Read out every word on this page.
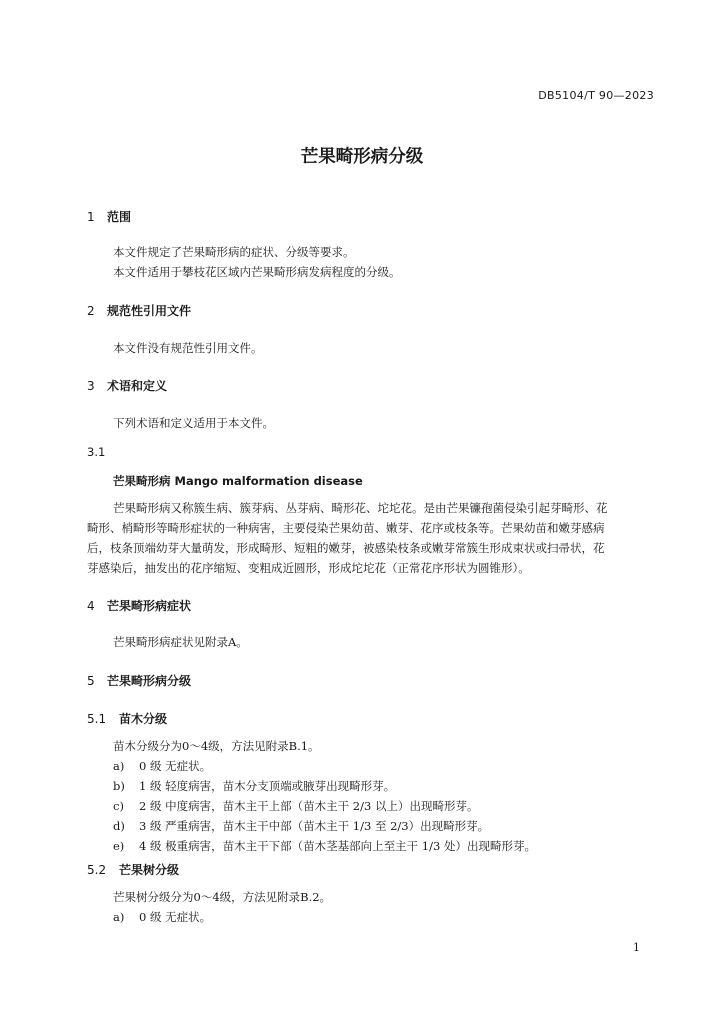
DB5104/T 90—2023
芒果畸形病分级
1 范围
本文件规定了芒果畸形病的症状、分级等要求。
本文件适用于攀枝花区域内芒果畸形病发病程度的分级。
2 规范性引用文件
本文件没有规范性引用文件。
3 术语和定义
下列术语和定义适用于本文件。
3.1
芒果畸形病 Mango malformation disease
芒果畸形病又称簇生病、簇芽病、丛芽病、畸形花、坨坨花。是由芒果镰孢菌侵染引起芽畸形、花
畸形、梢畸形等畸形症状的一种病害，主要侵染芒果幼苗、嫩芽、花序或枝条等。芒果幼苗和嫩芽感病
后，枝条顶端幼芽大量萌发，形成畸形、短粗的嫩芽，被感染枝条或嫩芽常簇生形成束状或扫帚状，花
芽感染后，抽发出的花序缩短、变粗成近圆形，形成坨坨花（正常花序形状为圆锥形）。
4 芒果畸形病症状
芒果畸形病症状见附录A。
5 芒果畸形病分级
5.1 苗木分级
苗木分级分为0～4级，方法见附录B.1。
a) 0 级 无症状。
b) 1 级 轻度病害，苗木分支顶端或腋芽出现畸形芽。
c) 2 级 中度病害，苗木主干上部（苗木主干 2/3 以上）出现畸形芽。
d) 3 级 严重病害，苗木主干中部（苗木主干 1/3 至 2/3）出现畸形芽。
e) 4 级 极重病害，苗木主干下部（苗木茎基部向上至主干 1/3 处）出现畸形芽。
5.2 芒果树分级
芒果树分级分为0～4级，方法见附录B.2。
a) 0 级 无症状。
1
